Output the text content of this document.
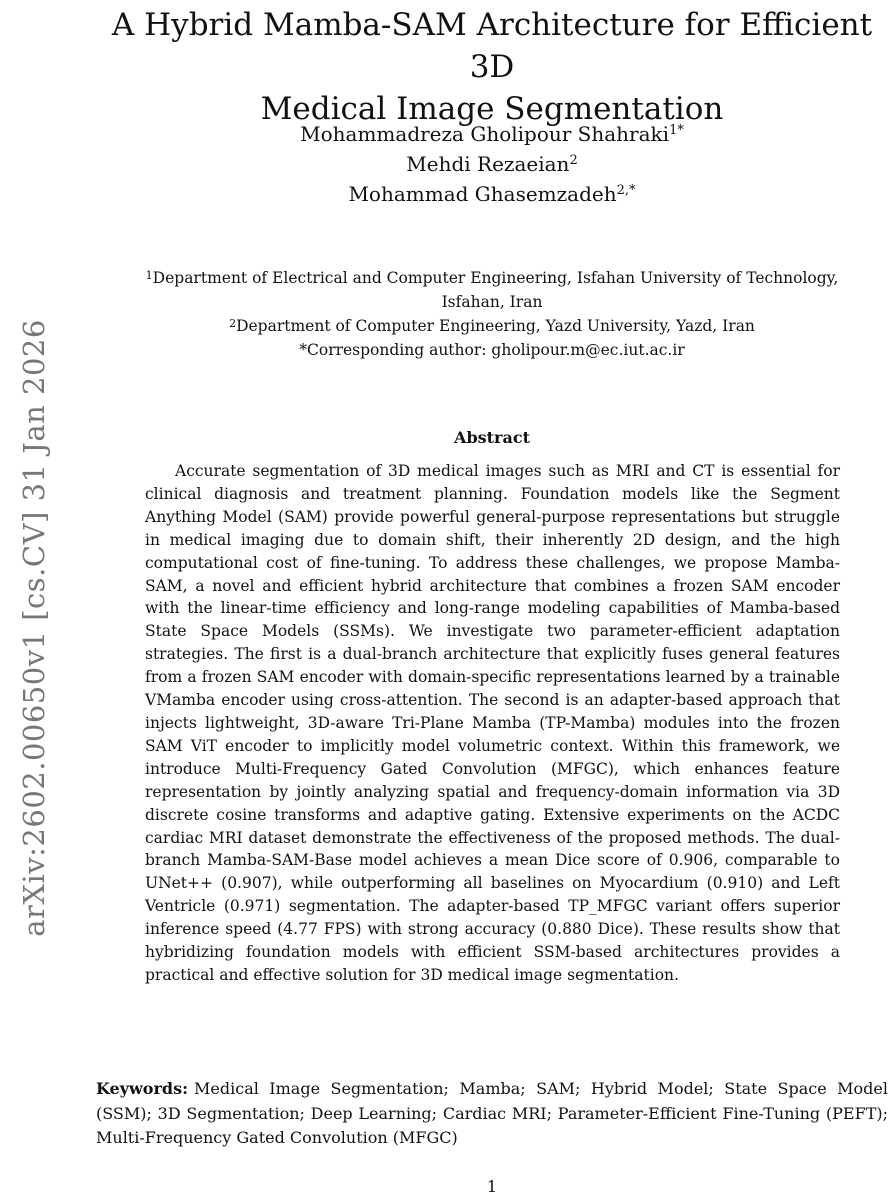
arXiv:2602.00650v1 [cs.CV] 31 Jan 2026
A Hybrid Mamba-SAM Architecture for Efficient 3D
Medical Image Segmentation
Mohammadreza Gholipour Shahraki$^{1*}$
Mehdi Rezaeian$^2$
Mohammad Ghasemzadeh$^{2,*}$
$^1$Department of Electrical and Computer Engineering, Isfahan University of Technology,
Isfahan, Iran
$^2$Department of Computer Engineering, Yazd University, Yazd, Iran
*Corresponding author: gholipour.m@ec.iut.ac.ir
Abstract

Accurate segmentation of 3D medical images such as MRI and CT is essential for clinical diagnosis and treatment planning. Foundation models like the Segment Anything Model (SAM) provide powerful general-purpose representations but struggle in medical imaging due to domain shift, their inherently 2D design, and the high computational cost of fine-tuning. To address these challenges, we propose Mamba-SAM, a novel and efficient hybrid architecture that combines a frozen SAM encoder with the linear-time efficiency and long-range modeling capabilities of Mamba-based State Space Models (SSMs). We investigate two parameter-efficient adaptation strategies. The first is a dual-branch architecture that explicitly fuses general features from a frozen SAM encoder with domain-specific representations learned by a trainable VMamba encoder using cross-attention. The second is an adapter-based approach that injects lightweight, 3D-aware Tri-Plane Mamba (TP-Mamba) modules into the frozen SAM ViT encoder to implicitly model volumetric context. Within this framework, we introduce Multi-Frequency Gated Convolution (MFGC), which enhances feature representation by jointly analyzing spatial and frequency-domain information via 3D discrete cosine transforms and adaptive gating. Extensive experiments on the ACDC cardiac MRI dataset demonstrate the effectiveness of the proposed methods. The dual-branch Mamba-SAM-Base model achieves a mean Dice score of 0.906, comparable to UNet++ (0.907), while outperforming all baselines on Myocardium (0.910) and Left Ventricle (0.971) segmentation. The adapter-based TP_MFGC variant offers superior inference speed (4.77 FPS) with strong accuracy (0.880 Dice). These results show that hybridizing foundation models with efficient SSM-based architectures provides a practical and effective solution for 3D medical image segmentation.

Keywords: Medical Image Segmentation; Mamba; SAM; Hybrid Model; State Space Model (SSM); 3D Segmentation; Deep Learning; Cardiac MRI; Parameter-Efficient Fine-Tuning (PEFT); Multi-Frequency Gated Convolution (MFGC)

1
